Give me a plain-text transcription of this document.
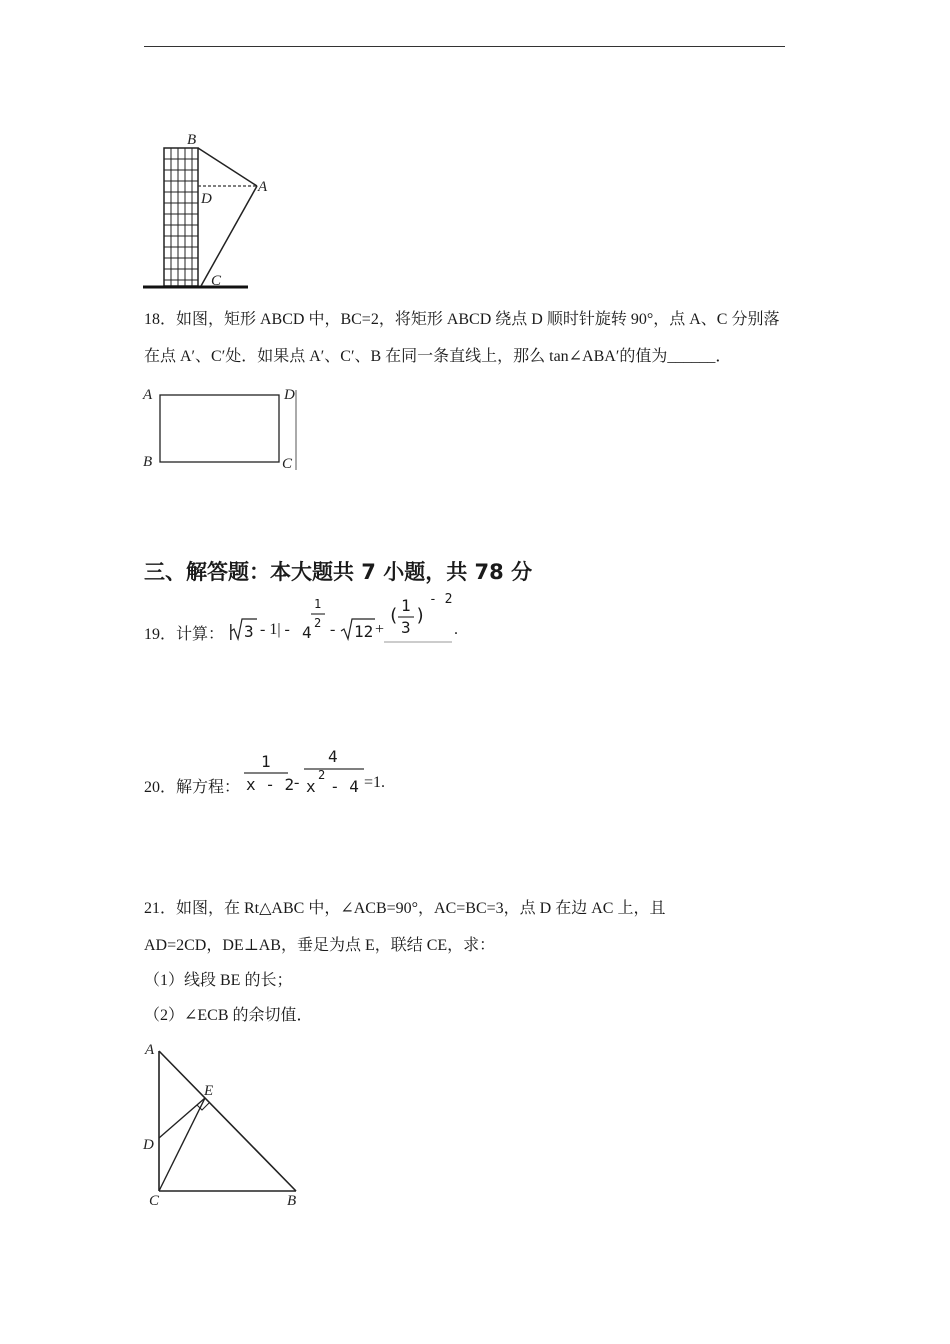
B
D
A
C
18．如图，矩形 ABCD 中，BC=2，将矩形 ABCD 绕点 D 顺时针旋转 90°，点 A、C 分别落
在点 A′、C′处．如果点 A′、C′、B 在同一条直线上，那么 tan∠ABA′的值为______．
A	D
B	C
三、解答题：本大题共 7 小题，共 78 分
19．计算： | 3 - 1| - 4
1
2 - 12 +
( 1
3
)
- 2
.
20．解方程：
1
x - 2 -
4
x
2
- 4 =1.
21．如图，在 Rt△ABC 中，∠ACB=90°，AC=BC=3，点 D 在边 AC 上，且
AD=2CD，DE⊥AB，垂足为点 E，联结 CE，求：
（1）线段 BE 的长；
（2）∠ECB 的余切值．
A
E
D
C	B
